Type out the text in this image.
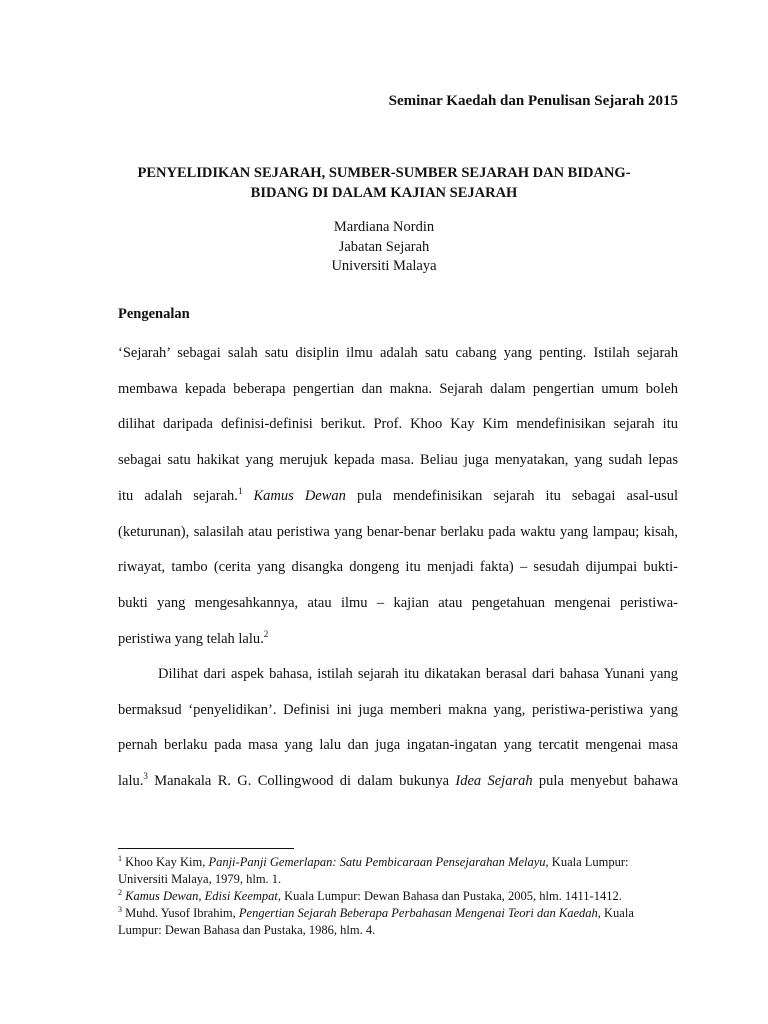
Seminar Kaedah dan Penulisan Sejarah 2015
PENYELIDIKAN SEJARAH, SUMBER-SUMBER SEJARAH DAN BIDANG-
BIDANG DI DALAM KAJIAN SEJARAH
Mardiana Nordin
Jabatan Sejarah
Universiti Malaya
Pengenalan
‘Sejarah’ sebagai salah satu disiplin ilmu adalah satu cabang yang penting. Istilah sejarah
membawa kepada beberapa pengertian dan makna. Sejarah dalam pengertian umum boleh
dilihat daripada definisi-definisi berikut. Prof. Khoo Kay Kim mendefinisikan sejarah itu
sebagai satu hakikat yang merujuk kepada masa. Beliau juga menyatakan, yang sudah lepas
itu adalah sejarah.$^1$ Kamus Dewan pula mendefinisikan sejarah itu sebagai asal-usul
(keturunan), salasilah atau peristiwa yang benar-benar berlaku pada waktu yang lampau; kisah,
riwayat, tambo (cerita yang disangka dongeng itu menjadi fakta) – sesudah dijumpai bukti-
bukti yang mengesahkannya, atau ilmu – kajian atau pengetahuan mengenai peristiwa-
peristiwa yang telah lalu.$^2$
Dilihat dari aspek bahasa, istilah sejarah itu dikatakan berasal dari bahasa Yunani yang
bermaksud ‘penyelidikan’. Definisi ini juga memberi makna yang, peristiwa-peristiwa yang
pernah berlaku pada masa yang lalu dan juga ingatan-ingatan yang tercatit mengenai masa
lalu.$^3$ Manakala R. G. Collingwood di dalam bukunya Idea Sejarah pula menyebut bahawa

$^1$ Khoo Kay Kim, Panji-Panji Gemerlapan: Satu Pembicaraan Pensejarahan Melayu, Kuala Lumpur: Universiti Malaya, 1979, hlm. 1.

$^2$ Kamus Dewan, Edisi Keempat, Kuala Lumpur: Dewan Bahasa dan Pustaka, 2005, hlm. 1411-1412.

$^3$ Muhd. Yusof Ibrahim, Pengertian Sejarah Beberapa Perbahasan Mengenai Teori dan Kaedah, Kuala Lumpur: Dewan Bahasa dan Pustaka, 1986, hlm. 4.
